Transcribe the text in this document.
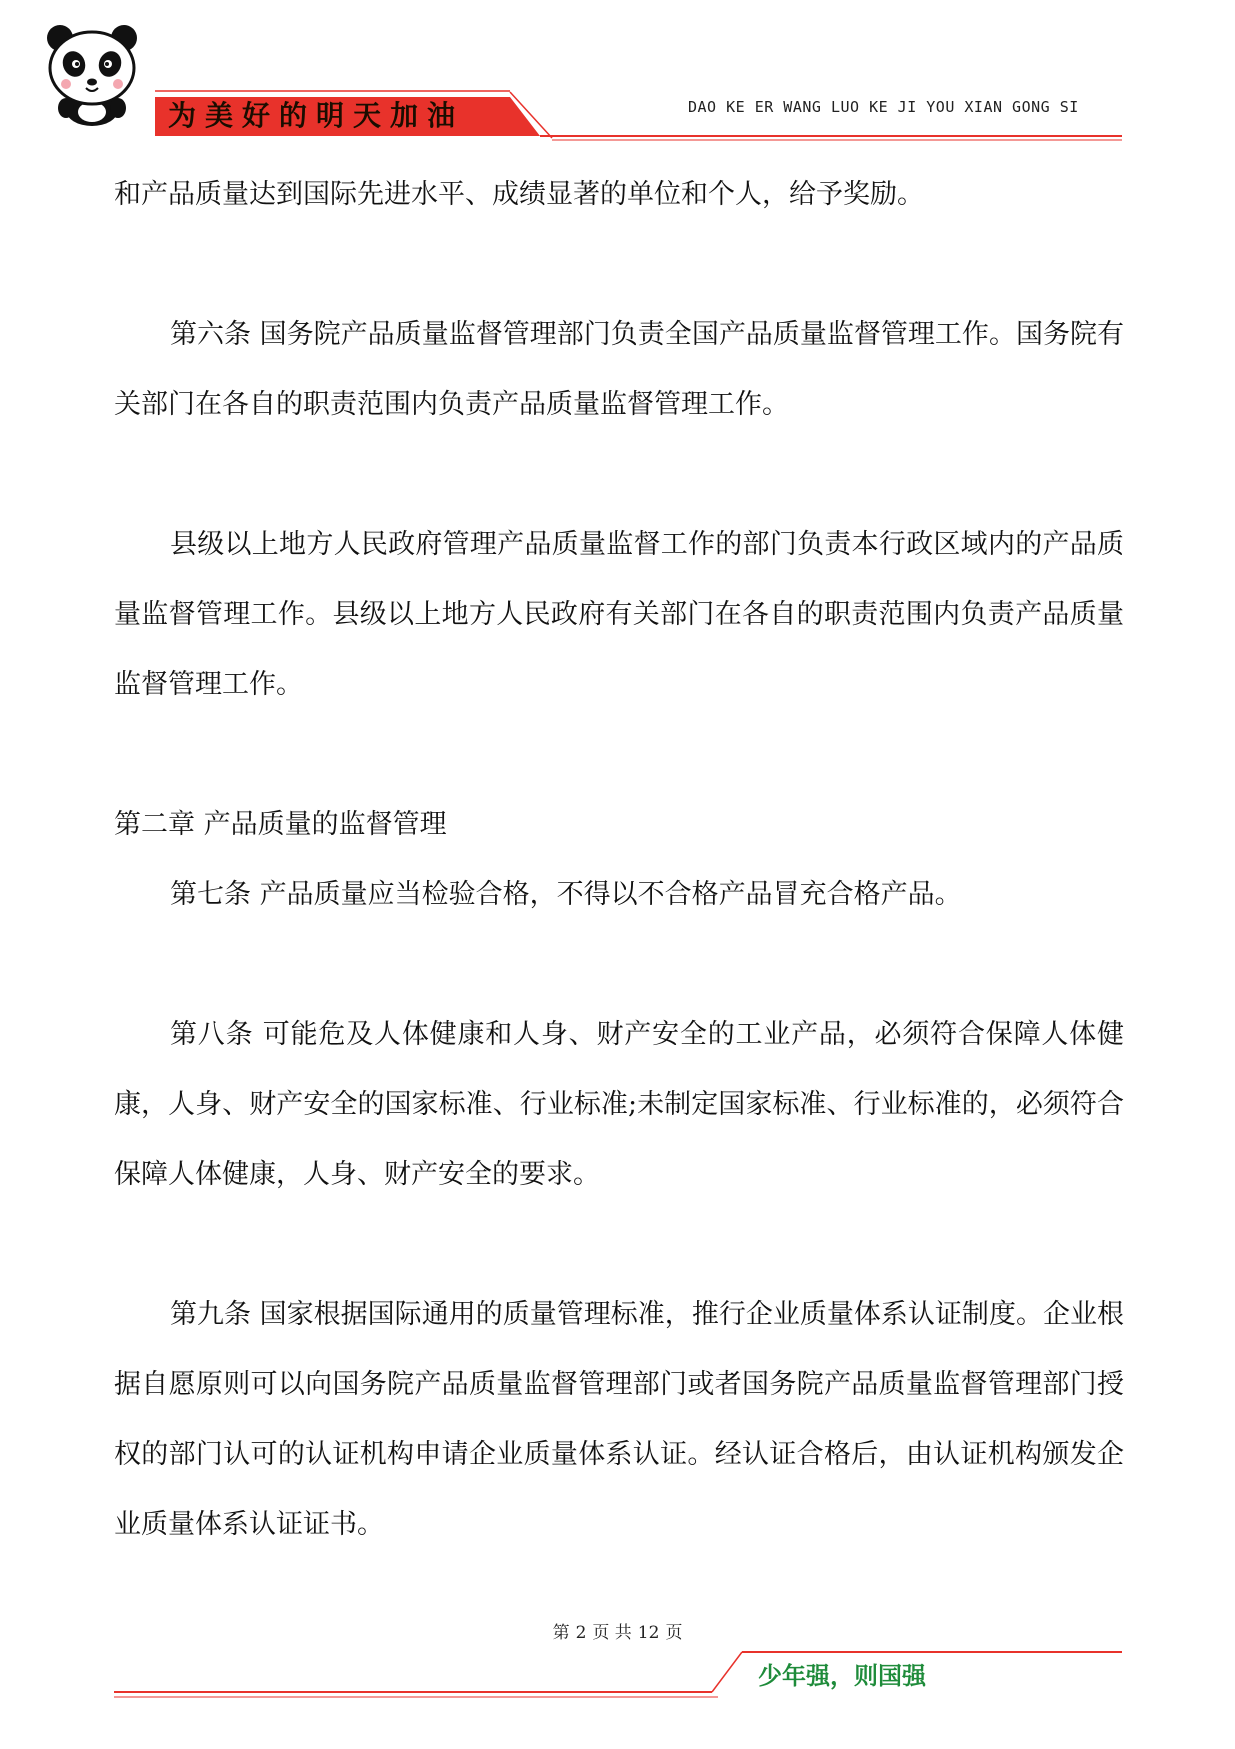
为美好的明天加油	DAO KE ER WANG LUO KE JI YOU XIAN GONG SI

和产品质量达到国际先进水平、成绩显著的单位和个人，给予奖励。

第六条 国务院产品质量监督管理部门负责全国产品质量监督管理工作。国务院有关部门在各自的职责范围内负责产品质量监督管理工作。

县级以上地方人民政府管理产品质量监督工作的部门负责本行政区域内的产品质量监督管理工作。县级以上地方人民政府有关部门在各自的职责范围内负责产品质量监督管理工作。

第二章 产品质量的监督管理

第七条 产品质量应当检验合格，不得以不合格产品冒充合格产品。

第八条 可能危及人体健康和人身、财产安全的工业产品，必须符合保障人体健康，人身、财产安全的国家标准、行业标准;未制定国家标准、行业标准的，必须符合保障人体健康，人身、财产安全的要求。

第九条 国家根据国际通用的质量管理标准，推行企业质量体系认证制度。企业根据自愿原则可以向国务院产品质量监督管理部门或者国务院产品质量监督管理部门授权的部门认可的认证机构申请企业质量体系认证。经认证合格后，由认证机构颁发企业质量体系认证证书。

第 2 页 共 12 页
少年强，则国强
